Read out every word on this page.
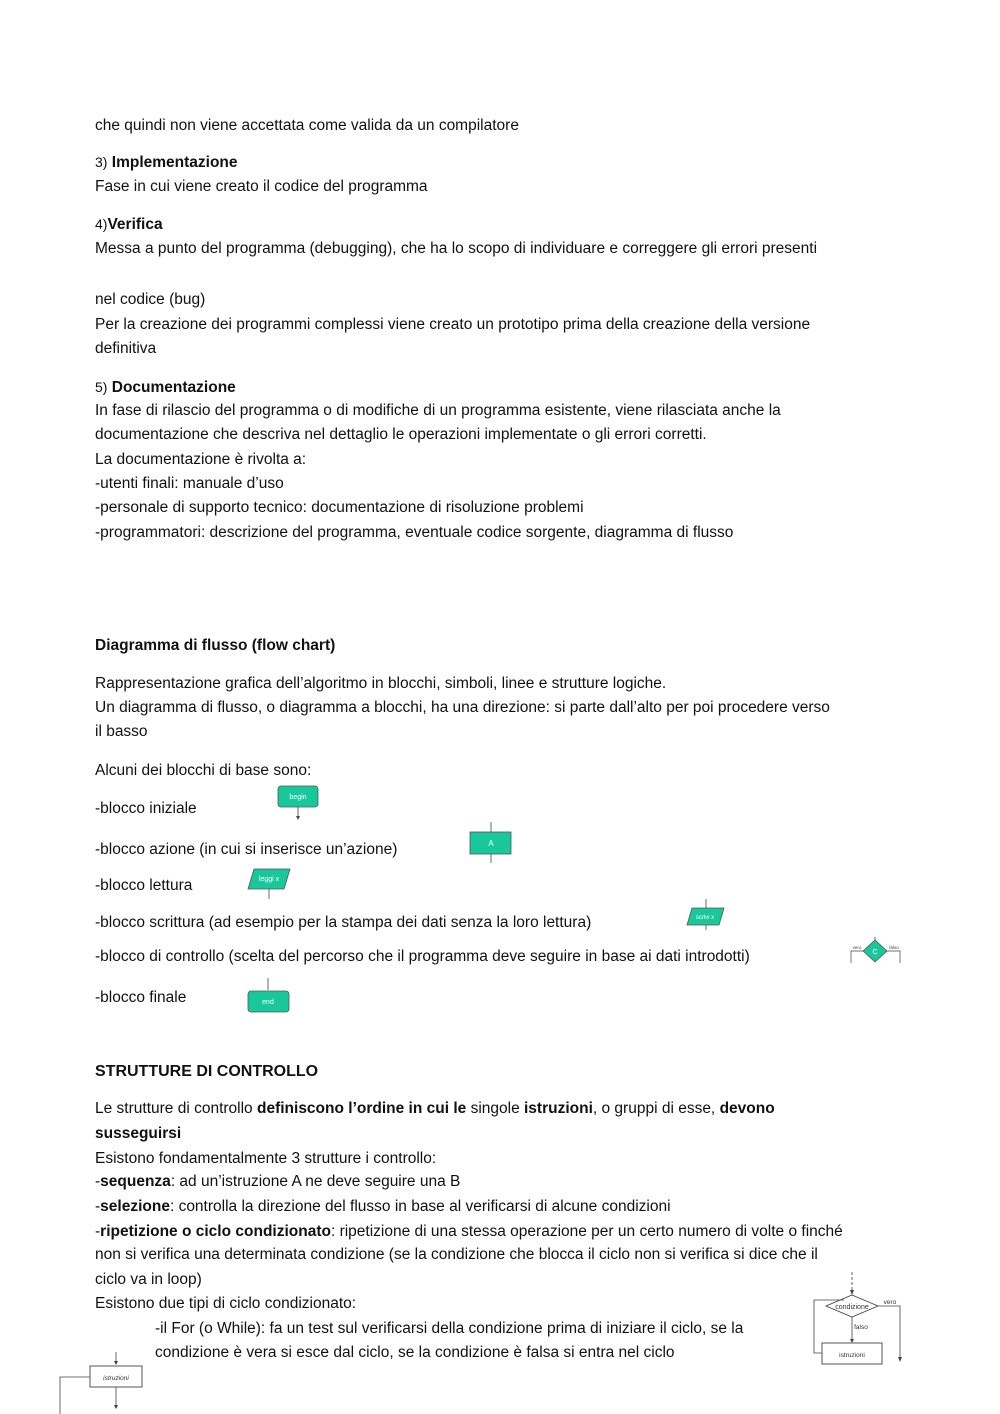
che quindi non viene accettata come valida da un compilatore
3) Implementazione
Fase in cui viene creato il codice del programma
4)Verifica
Messa a punto del programma (debugging), che ha lo scopo di individuare e correggere gli errori presenti
nel codice (bug)
Per la creazione dei programmi complessi viene creato un prototipo prima della creazione della versione
definitiva
5) Documentazione
In fase di rilascio del programma o di modifiche di un programma esistente, viene rilasciata anche la
documentazione che descriva nel dettaglio le operazioni implementate o gli errori corretti.
La documentazione è rivolta a:
-utenti finali: manuale d’uso
-personale di supporto tecnico: documentazione di risoluzione problemi
-programmatori: descrizione del programma, eventuale codice sorgente, diagramma di flusso
Diagramma di flusso (flow chart)
Rappresentazione grafica dell’algoritmo in blocchi, simboli, linee e strutture logiche.
Un diagramma di flusso, o diagramma a blocchi, ha una direzione: si parte dall’alto per poi procedere verso
il basso
Alcuni dei blocchi di base sono:
-blocco iniziale
-blocco azione (in cui si inserisce un’azione)
-blocco lettura
-blocco scrittura (ad esempio per la stampa dei dati senza la loro lettura)
-blocco di controllo (scelta del percorso che il programma deve seguire in base ai dati introdotti)
-blocco finale
begin
A
leggi x
scrivi x
C
vero	falso
end
STRUTTURE DI CONTROLLO
Le strutture di controllo definiscono l’ordine in cui le singole istruzioni, o gruppi di esse, devono
susseguirsi
Esistono fondamentalmente 3 strutture i controllo:
-sequenza: ad un’istruzione A ne deve seguire una B
-selezione: controlla la direzione del flusso in base al verificarsi di alcune condizioni
-ripetizione o ciclo condizionato: ripetizione di una stessa operazione per un certo numero di volte o finché
non si verifica una determinata condizione (se la condizione che blocca il ciclo non si verifica si dice che il
ciclo va in loop)
Esistono due tipi di ciclo condizionato:
-il For (o While): fa un test sul verificarsi della condizione prima di iniziare il ciclo, se la
condizione è vera si esce dal ciclo, se la condizione è falsa si entra nel ciclo
condizione
vero
falso
istruzioni
istruzioni
